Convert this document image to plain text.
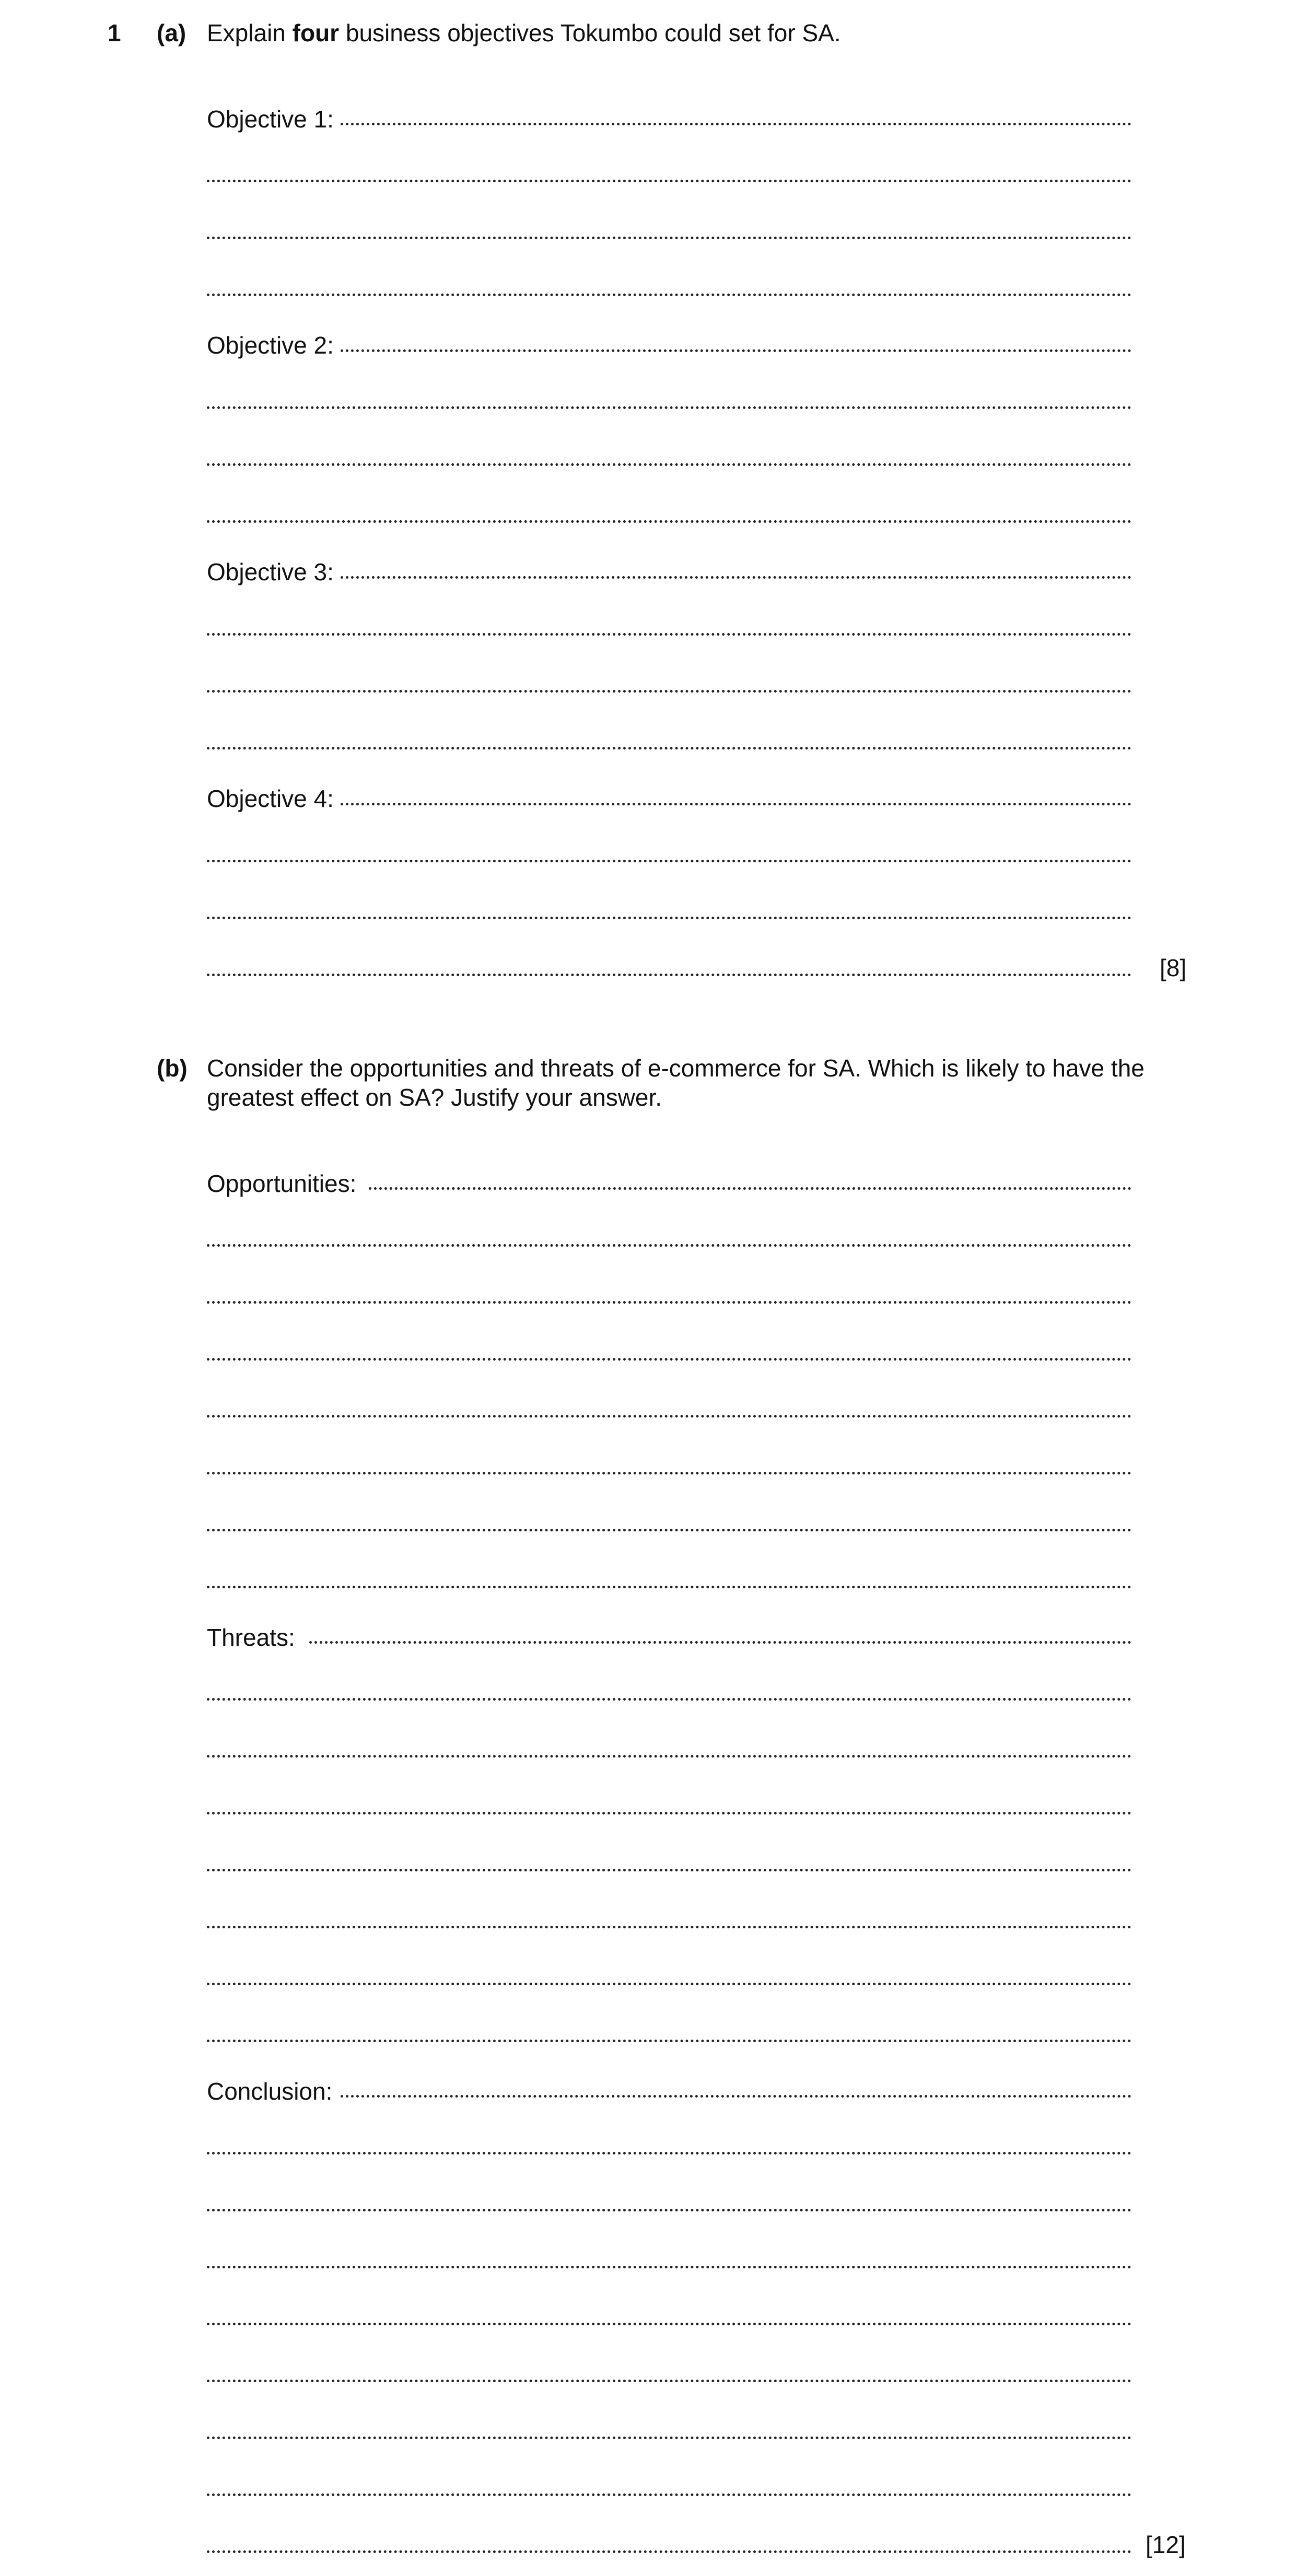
1 (a) Explain four business objectives Tokumbo could set for SA.
Objective 1:
Objective 2:
Objective 3:
Objective 4:
[8]
(b) Consider the opportunities and threats of e-commerce for SA. Which is likely to have the
greatest effect on SA? Justify your answer.
Opportunities:
Threats:
Conclusion:
[12]
